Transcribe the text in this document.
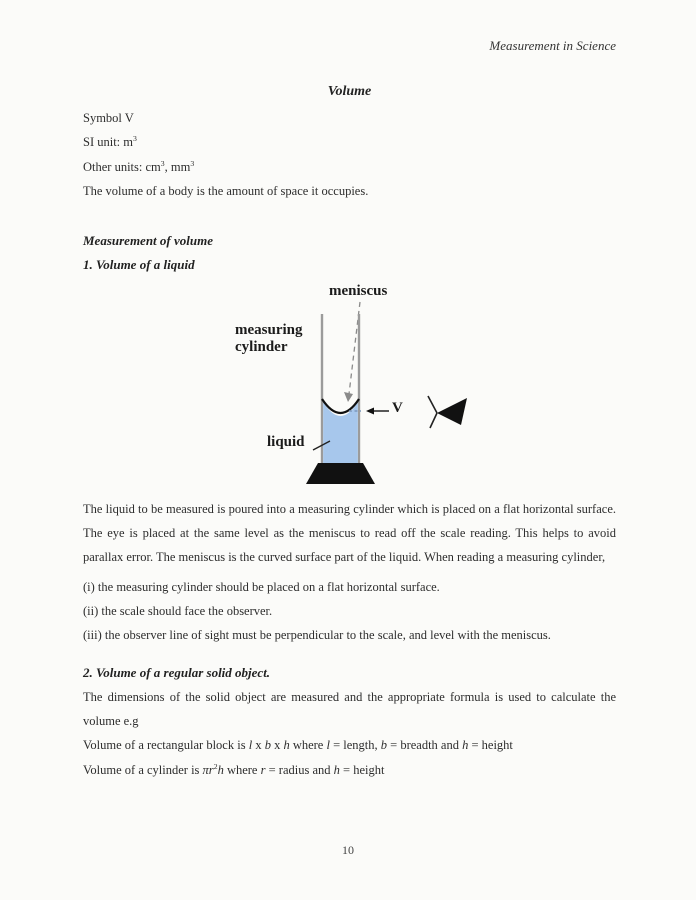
Measurement in Science
Volume
Symbol V
SI unit: $m^3$
Other units: $cm^3$, $mm^3$
The volume of a body is the amount of space it occupies.
Measurement of volume
1. Volume of a liquid
meniscus
measuring cylinder
V
liquid
The liquid to be measured is poured into a measuring cylinder which is placed on a flat horizontal surface. The eye is placed at the same level as the meniscus to read off the scale reading. This helps to avoid parallax error. The meniscus is the curved surface part of the liquid. When reading a measuring cylinder,
(i) the measuring cylinder should be placed on a flat horizontal surface.
(ii) the scale should face the observer.
(iii) the observer line of sight must be perpendicular to the scale, and level with the meniscus.
2. Volume of a regular solid object.
The dimensions of the solid object are measured and the appropriate formula is used to calculate the volume e.g
Volume of a rectangular block is l x b x h where l = length, b = breadth and h = height
Volume of a cylinder is $\pi r^2h$ where r = radius and h = height
10
